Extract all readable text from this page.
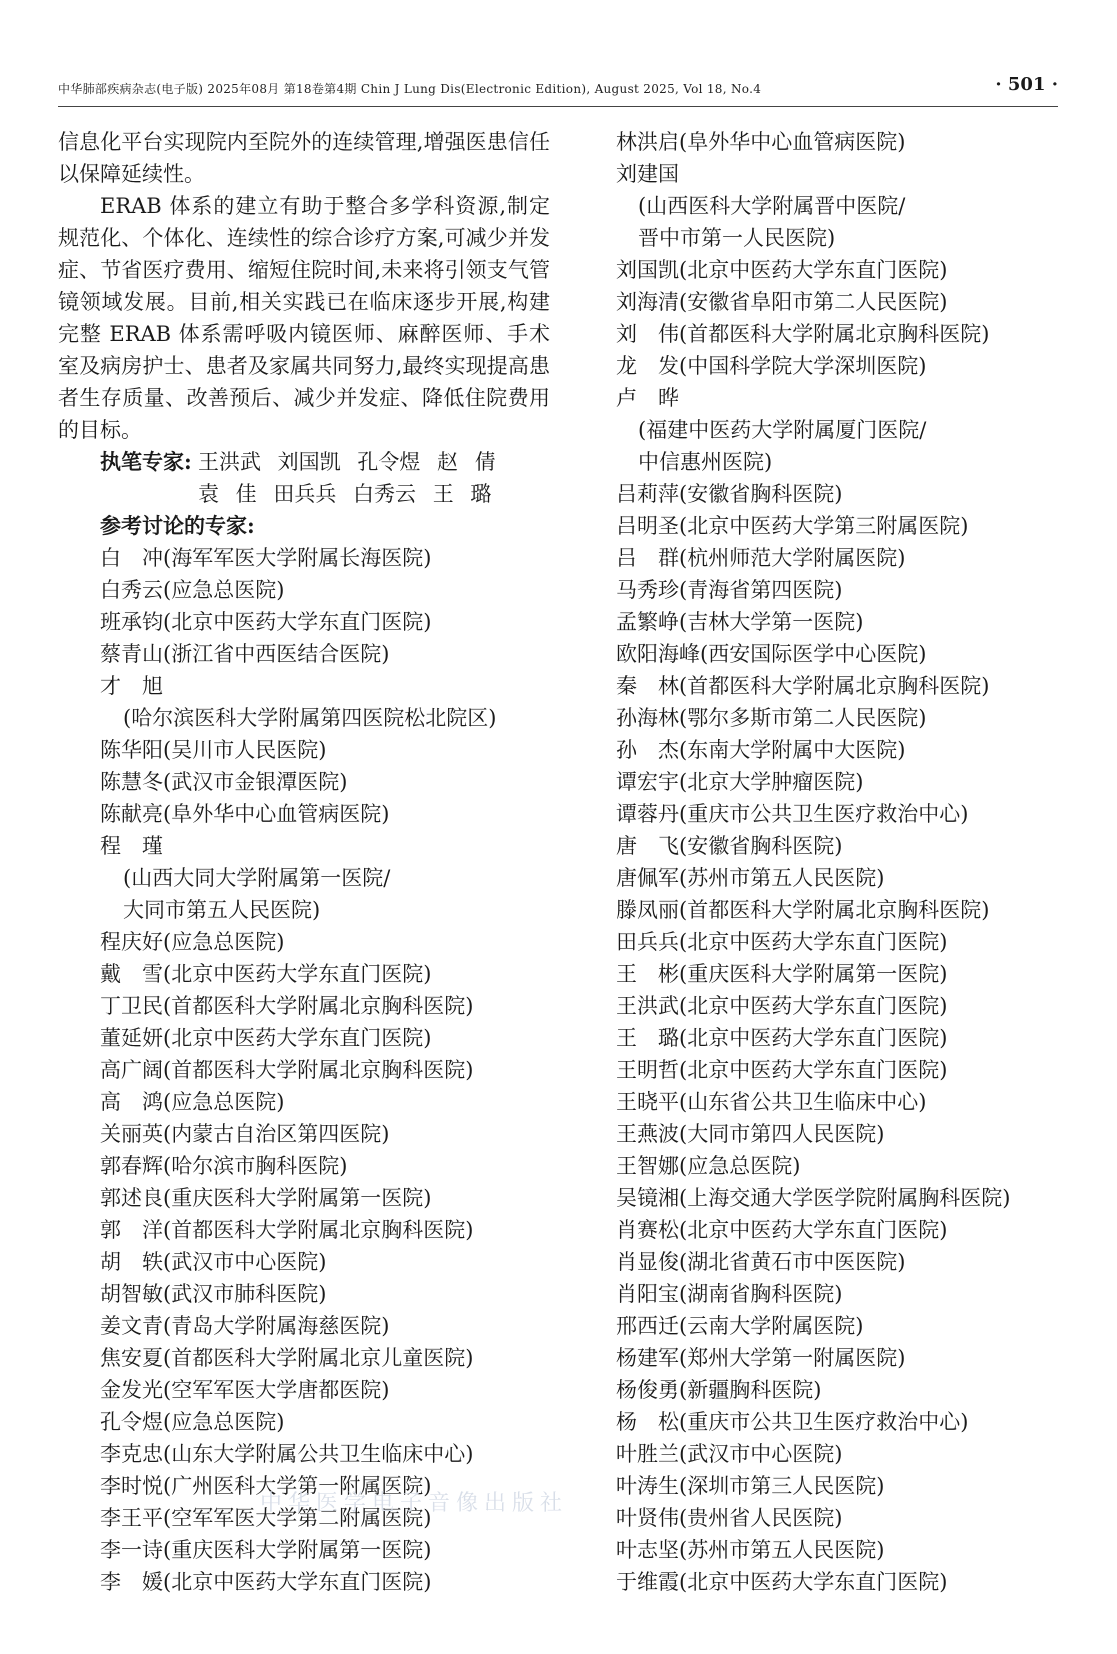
中华肺部疾病杂志(电子版) 2025年08月 第18卷第4期 Chin J Lung Dis(Electronic Edition), August 2025, Vol 18, No.4	· 501 ·

信息化平台实现院内至院外的连续管理,增强医患信任以保障延续性。

ERAB 体系的建立有助于整合多学科资源,制定规范化、个体化、连续性的综合诊疗方案,可减少并发症、节省医疗费用、缩短住院时间,未来将引领支气管镜领域发展。目前,相关实践已在临床逐步开展,构建完整 ERAB 体系需呼吸内镜医师、麻醉医师、手术室及病房护士、患者及家属共同努力,最终实现提高患者生存质量、改善预后、减少并发症、降低住院费用的目标。

执笔专家: 王洪武 刘国凯 孔令煜 赵 倩
袁 佳 田兵兵 白秀云 王 璐
参考讨论的专家:
白　冲(海军军医大学附属长海医院)
白秀云(应急总医院)
班承钧(北京中医药大学东直门医院)
蔡青山(浙江省中西医结合医院)
才　旭
(哈尔滨医科大学附属第四医院松北院区)
陈华阳(吴川市人民医院)
陈慧冬(武汉市金银潭医院)
陈献亮(阜外华中心血管病医院)
程　瑾
(山西大同大学附属第一医院/
大同市第五人民医院)
程庆好(应急总医院)
戴　雪(北京中医药大学东直门医院)
丁卫民(首都医科大学附属北京胸科医院)
董延妍(北京中医药大学东直门医院)
高广阔(首都医科大学附属北京胸科医院)
高　鸿(应急总医院)
关丽英(内蒙古自治区第四医院)
郭春辉(哈尔滨市胸科医院)
郭述良(重庆医科大学附属第一医院)
郭　洋(首都医科大学附属北京胸科医院)
胡　轶(武汉市中心医院)
胡智敏(武汉市肺科医院)
姜文青(青岛大学附属海慈医院)
焦安夏(首都医科大学附属北京儿童医院)
金发光(空军军医大学唐都医院)
孔令煜(应急总医院)
李克忠(山东大学附属公共卫生临床中心)
李时悦(广州医科大学第一附属医院)
李王平(空军军医大学第二附属医院)
李一诗(重庆医科大学附属第一医院)
李　媛(北京中医药大学东直门医院)
林洪启(阜外华中心血管病医院)
刘建国
(山西医科大学附属晋中医院/
晋中市第一人民医院)
刘国凯(北京中医药大学东直门医院)
刘海清(安徽省阜阳市第二人民医院)
刘　伟(首都医科大学附属北京胸科医院)
龙　发(中国科学院大学深圳医院)
卢　晔
(福建中医药大学附属厦门医院/
中信惠州医院)
吕莉萍(安徽省胸科医院)
吕明圣(北京中医药大学第三附属医院)
吕　群(杭州师范大学附属医院)
马秀珍(青海省第四医院)
孟繁峥(吉林大学第一医院)
欧阳海峰(西安国际医学中心医院)
秦　林(首都医科大学附属北京胸科医院)
孙海林(鄂尔多斯市第二人民医院)
孙　杰(东南大学附属中大医院)
谭宏宇(北京大学肿瘤医院)
谭蓉丹(重庆市公共卫生医疗救治中心)
唐　飞(安徽省胸科医院)
唐佩军(苏州市第五人民医院)
滕凤丽(首都医科大学附属北京胸科医院)
田兵兵(北京中医药大学东直门医院)
王　彬(重庆医科大学附属第一医院)
王洪武(北京中医药大学东直门医院)
王　璐(北京中医药大学东直门医院)
王明哲(北京中医药大学东直门医院)
王晓平(山东省公共卫生临床中心)
王燕波(大同市第四人民医院)
王智娜(应急总医院)
吴镜湘(上海交通大学医学院附属胸科医院)
肖赛松(北京中医药大学东直门医院)
肖显俊(湖北省黄石市中医医院)
肖阳宝(湖南省胸科医院)
邢西迁(云南大学附属医院)
杨建军(郑州大学第一附属医院)
杨俊勇(新疆胸科医院)
杨　松(重庆市公共卫生医疗救治中心)
叶胜兰(武汉市中心医院)
叶涛生(深圳市第三人民医院)
叶贤伟(贵州省人民医院)
叶志坚(苏州市第五人民医院)
于维霞(北京中医药大学东直门医院)
中华医学电子音像出版社
